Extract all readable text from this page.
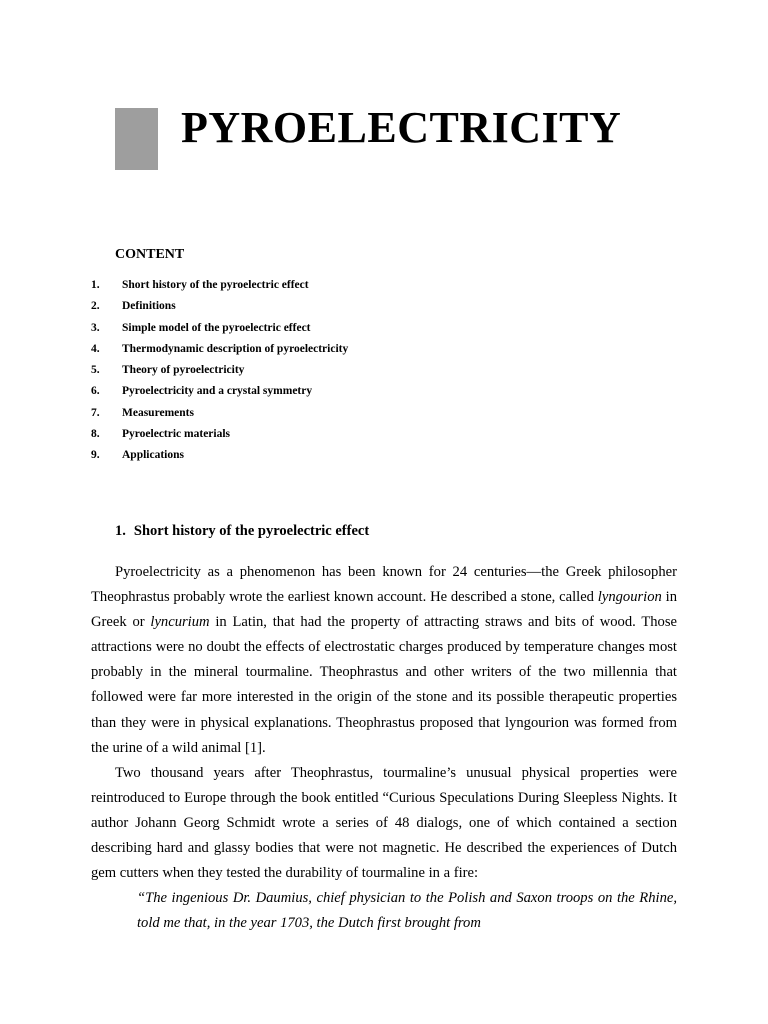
PYROELECTRICITY
CONTENT
1. Short history of the pyroelectric effect
2. Definitions
3. Simple model of the pyroelectric effect
4. Thermodynamic description of pyroelectricity
5. Theory of pyroelectricity
6. Pyroelectricity and a crystal symmetry
7. Measurements
8. Pyroelectric materials
9. Applications
1. Short history of the pyroelectric effect

Pyroelectricity as a phenomenon has been known for 24 centuries—the Greek philosopher Theophrastus probably wrote the earliest known account. He described a stone, called lyngourion in Greek or lyncurium in Latin, that had the property of attracting straws and bits of wood. Those attractions were no doubt the effects of electrostatic charges produced by temperature changes most probably in the mineral tourmaline. Theophrastus and other writers of the two millennia that followed were far more interested in the origin of the stone and its possible therapeutic properties than they were in physical explanations. Theophrastus proposed that lyngourion was formed from the urine of a wild animal [1].

Two thousand years after Theophrastus, tourmaline’s unusual physical properties were reintroduced to Europe through the book entitled “Curious Speculations During Sleepless Nights. It author Johann Georg Schmidt wrote a series of 48 dialogs, one of which contained a section describing hard and glassy bodies that were not magnetic. He described the experiences of Dutch gem cutters when they tested the durability of tourmaline in a fire:

“The ingenious Dr. Daumius, chief physician to the Polish and Saxon troops on the Rhine, told me that, in the year 1703, the Dutch first brought from
